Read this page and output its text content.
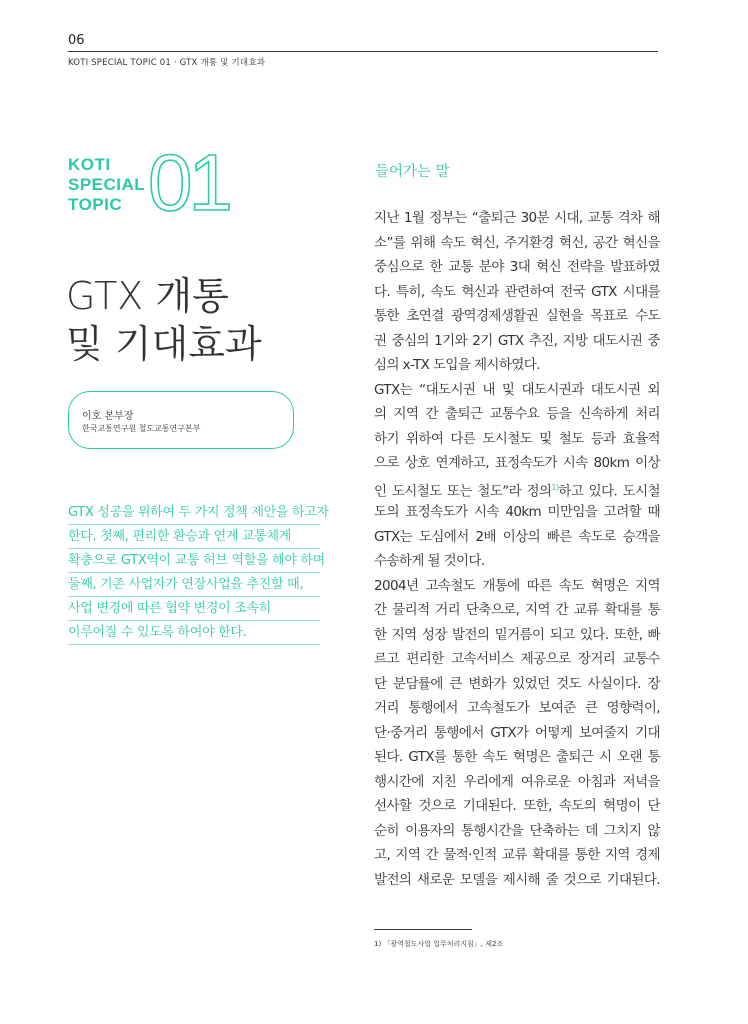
06
KOTI SPECIAL TOPIC 01 · GTX 개통 및 기대효과
KOTI
SPECIAL
TOPIC 01
GTX 개통
및 기대효과
이호 본부장
한국교통연구원 철도교통연구본부
GTX 성공을 위하여 두 가지 정책 제안을 하고자
한다. 첫째, 편리한 환승과 연계 교통체계
확충으로 GTX역이 교통 허브 역할을 해야 하며
둘째, 기존 사업자가 연장사업을 추진할 때,
사업 변경에 따른 협약 변경이 조속히
이루어질 수 있도록 하여야 한다.
들어가는 말
지난 1월 정부는 “출퇴근 30분 시대, 교통 격차 해
소”를 위해 속도 혁신, 주거환경 혁신, 공간 혁신을
중심으로 한 교통 분야 3대 혁신 전략을 발표하였
다. 특히, 속도 혁신과 관련하여 전국 GTX 시대를
통한 초연결 광역경제생활권 실현을 목표로 수도
권 중심의 1기와 2기 GTX 추진, 지방 대도시권 중
심의 x-TX 도입을 제시하였다.
GTX는 “대도시권 내 및 대도시권과 대도시권 외
의 지역 간 출퇴근 교통수요 등을 신속하게 처리
하기 위하여 다른 도시철도 및 철도 등과 효율적
으로 상호 연계하고, 표정속도가 시속 80km 이상
인 도시철도 또는 철도”라 정의$^{1)}$하고 있다. 도시철
도의 표정속도가 시속 40km 미만임을 고려할 때
GTX는 도심에서 2배 이상의 빠른 속도로 승객을
수송하게 될 것이다.
2004년 고속철도 개통에 따른 속도 혁명은 지역
간 물리적 거리 단축으로, 지역 간 교류 확대를 통
한 지역 성장 발전의 밑거름이 되고 있다. 또한, 빠
르고 편리한 고속서비스 제공으로 장거리 교통수
단 분담률에 큰 변화가 있었던 것도 사실이다. 장
거리 통행에서 고속철도가 보여준 큰 영향력이,
단·중거리 통행에서 GTX가 어떻게 보여줄지 기대
된다. GTX를 통한 속도 혁명은 출퇴근 시 오랜 통
행시간에 지친 우리에게 여유로운 아침과 저녁을
선사할 것으로 기대된다. 또한, 속도의 혁명이 단
순히 이용자의 통행시간을 단축하는 데 그치지 않
고, 지역 간 물적·인적 교류 확대를 통한 지역 경제
발전의 새로운 모델을 제시해 줄 것으로 기대된다.
1) 「광역철도사업 업무처리지침」, 제2조
